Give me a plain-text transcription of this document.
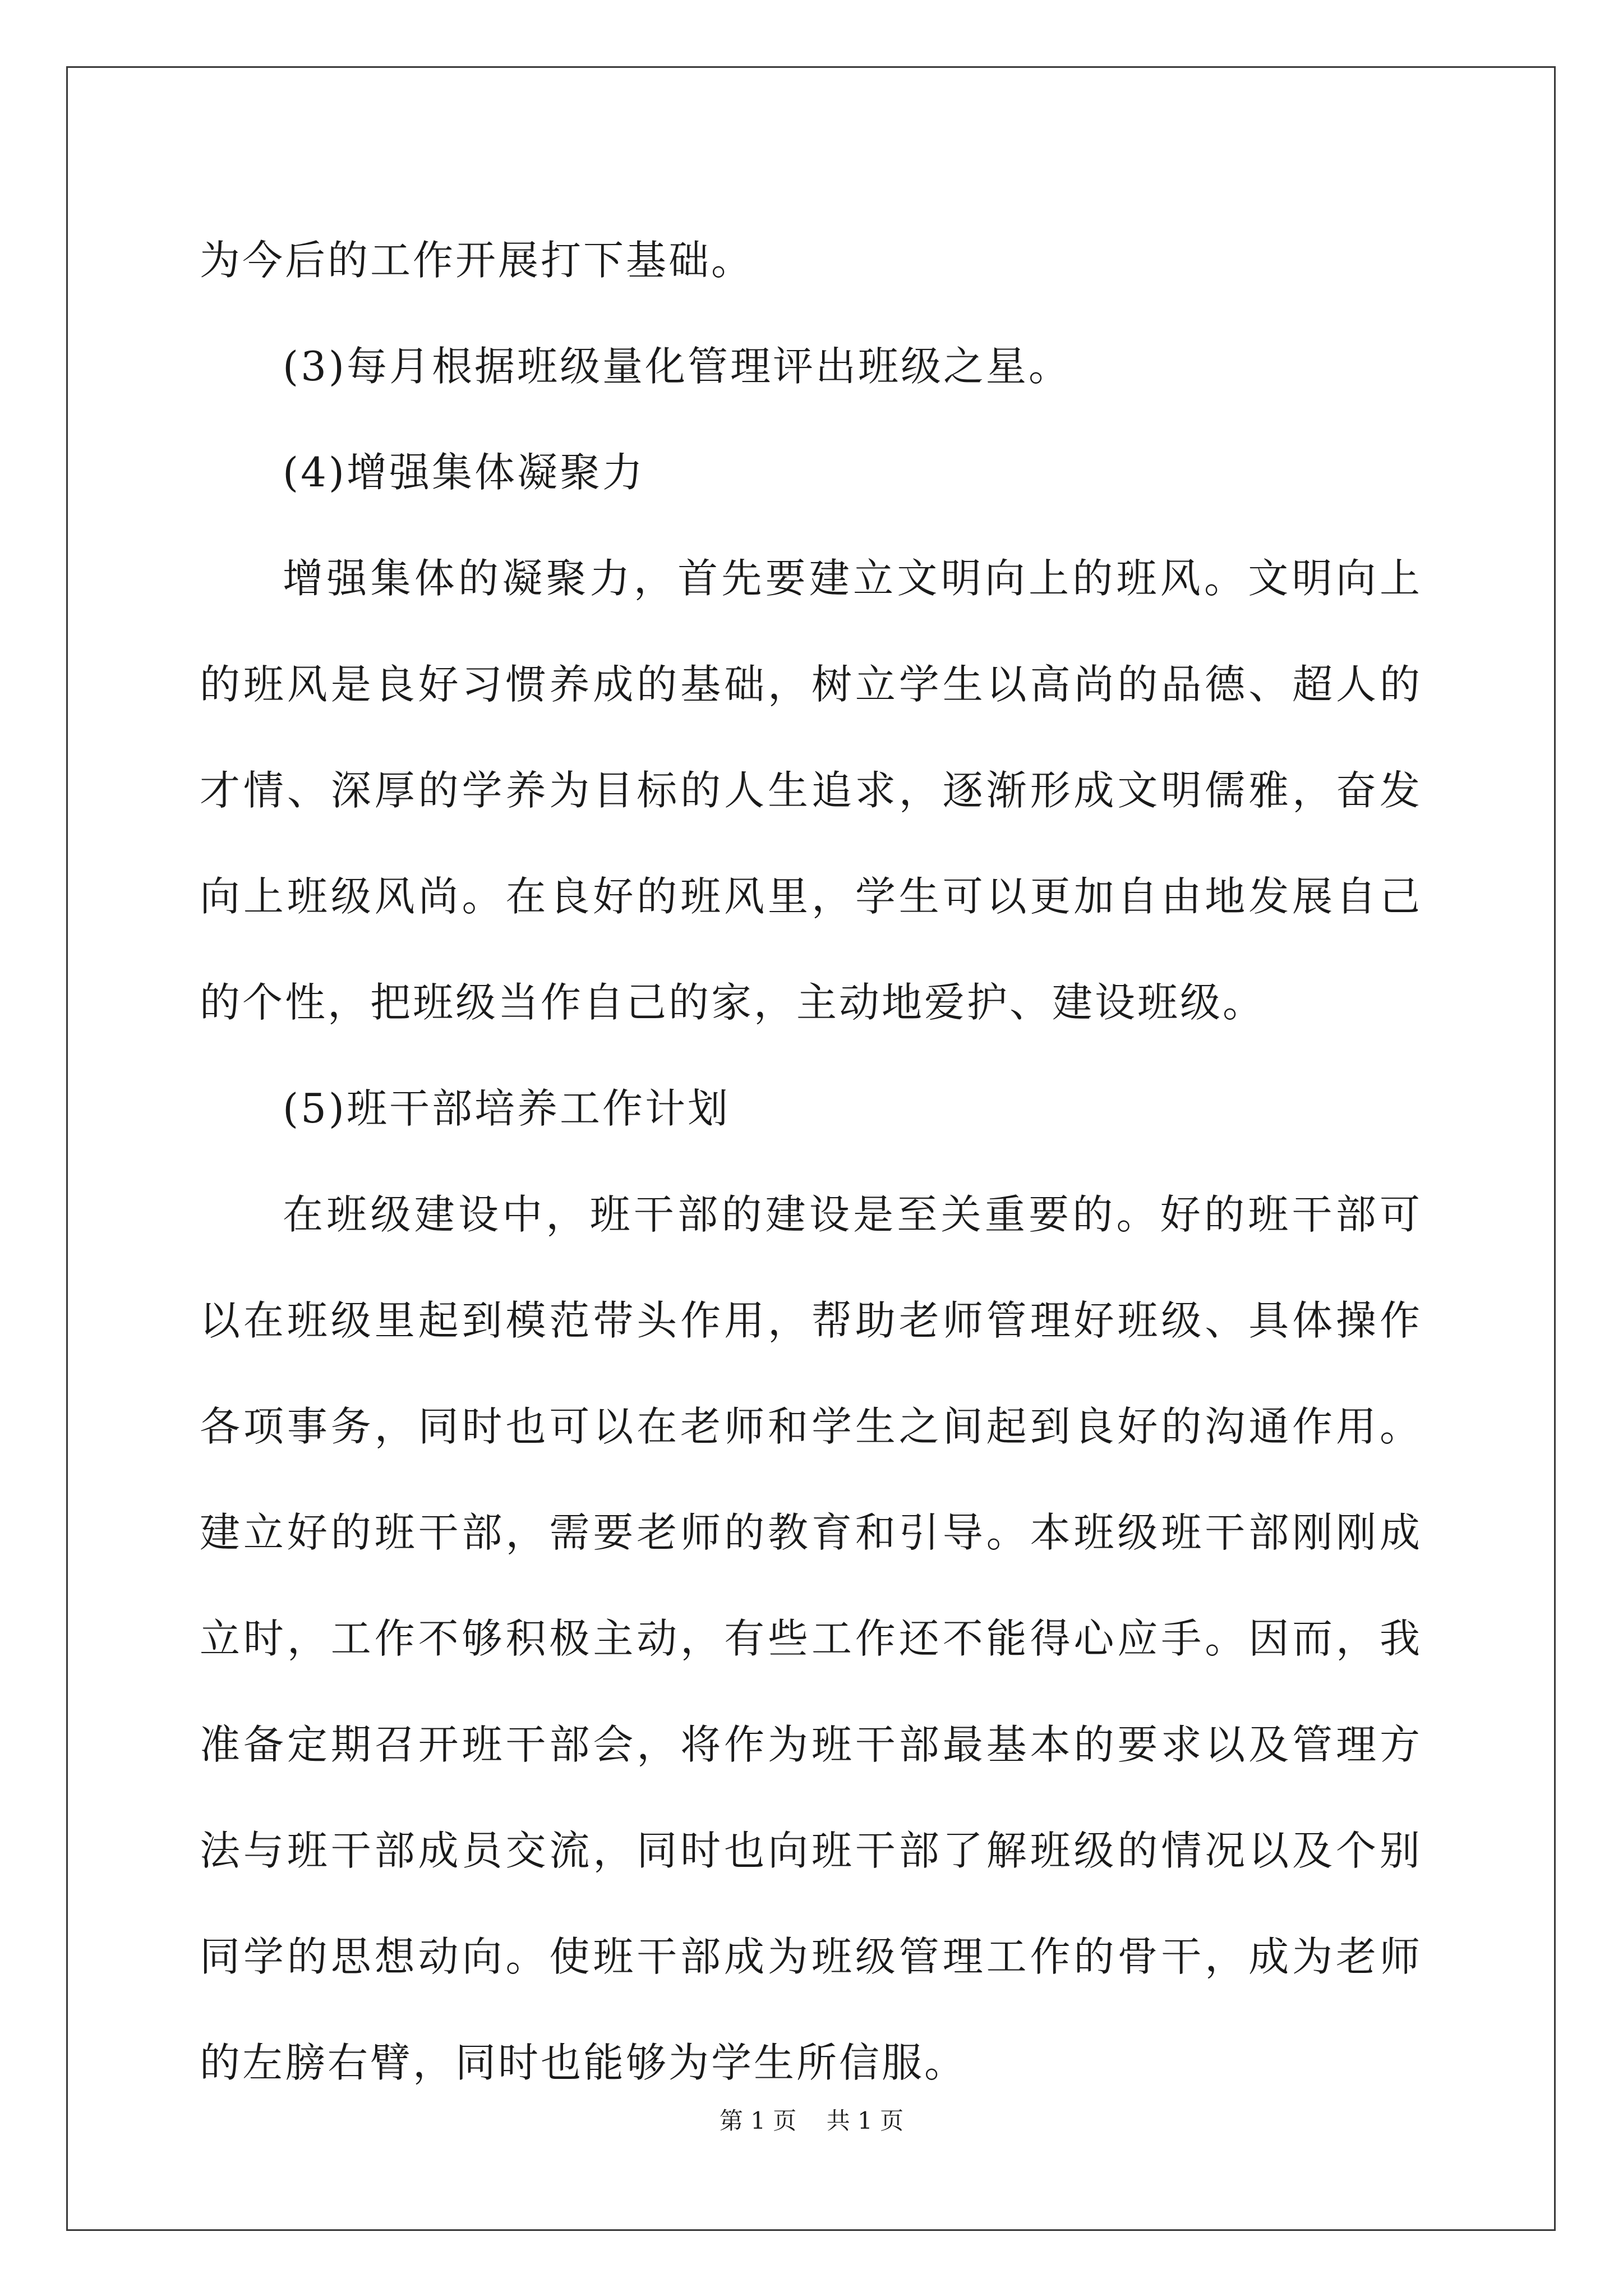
为今后的工作开展打下基础。

(3)每月根据班级量化管理评出班级之星。

(4)增强集体凝聚力

增强集体的凝聚力，首先要建立文明向上的班风。文明向上的班风是良好习惯养成的基础，树立学生以高尚的品德、超人的才情、深厚的学养为目标的人生追求，逐渐形成文明儒雅，奋发向上班级风尚。在良好的班风里，学生可以更加自由地发展自己的个性，把班级当作自己的家，主动地爱护、建设班级。

(5)班干部培养工作计划

在班级建设中，班干部的建设是至关重要的。好的班干部可以在班级里起到模范带头作用，帮助老师管理好班级、具体操作各项事务，同时也可以在老师和学生之间起到良好的沟通作用。建立好的班干部，需要老师的教育和引导。本班级班干部刚刚成立时，工作不够积极主动，有些工作还不能得心应手。因而，我准备定期召开班干部会，将作为班干部最基本的要求以及管理方法与班干部成员交流，同时也向班干部了解班级的情况以及个别同学的思想动向。使班干部成为班级管理工作的骨干，成为老师的左膀右臂，同时也能够为学生所信服。

第 1 页    共 1 页
